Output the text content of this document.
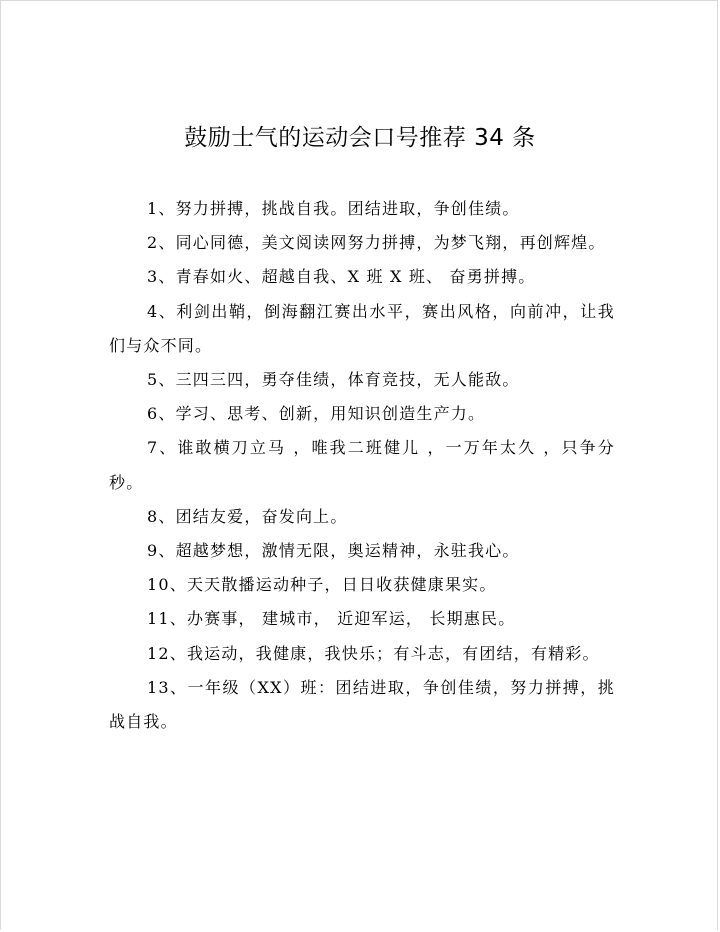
鼓励士气的运动会口号推荐 34 条

1、努力拼搏，挑战自我。团结进取，争创佳绩。

2、同心同德，美文阅读网努力拼搏，为梦飞翔，再创辉煌。

3、青春如火、超越自我、X 班 X 班、 奋勇拼搏。

4、利剑出鞘，倒海翻江赛出水平，赛出风格，向前冲，让我们与众不同。

5、三四三四，勇夺佳绩，体育竞技，无人能敌。

6、学习、思考、创新，用知识创造生产力。

7、谁敢横刀立马 ，唯我二班健儿 ，一万年太久 ，只争分秒。

8、团结友爱，奋发向上。

9、超越梦想，激情无限，奥运精神，永驻我心。

10、天天散播运动种子，日日收获健康果实。

11、办赛事， 建城市， 近迎军运， 长期惠民。

12、我运动，我健康，我快乐；有斗志，有团结，有精彩。

13、一年级（XX）班：团结进取，争创佳绩，努力拼搏，挑战自我。
